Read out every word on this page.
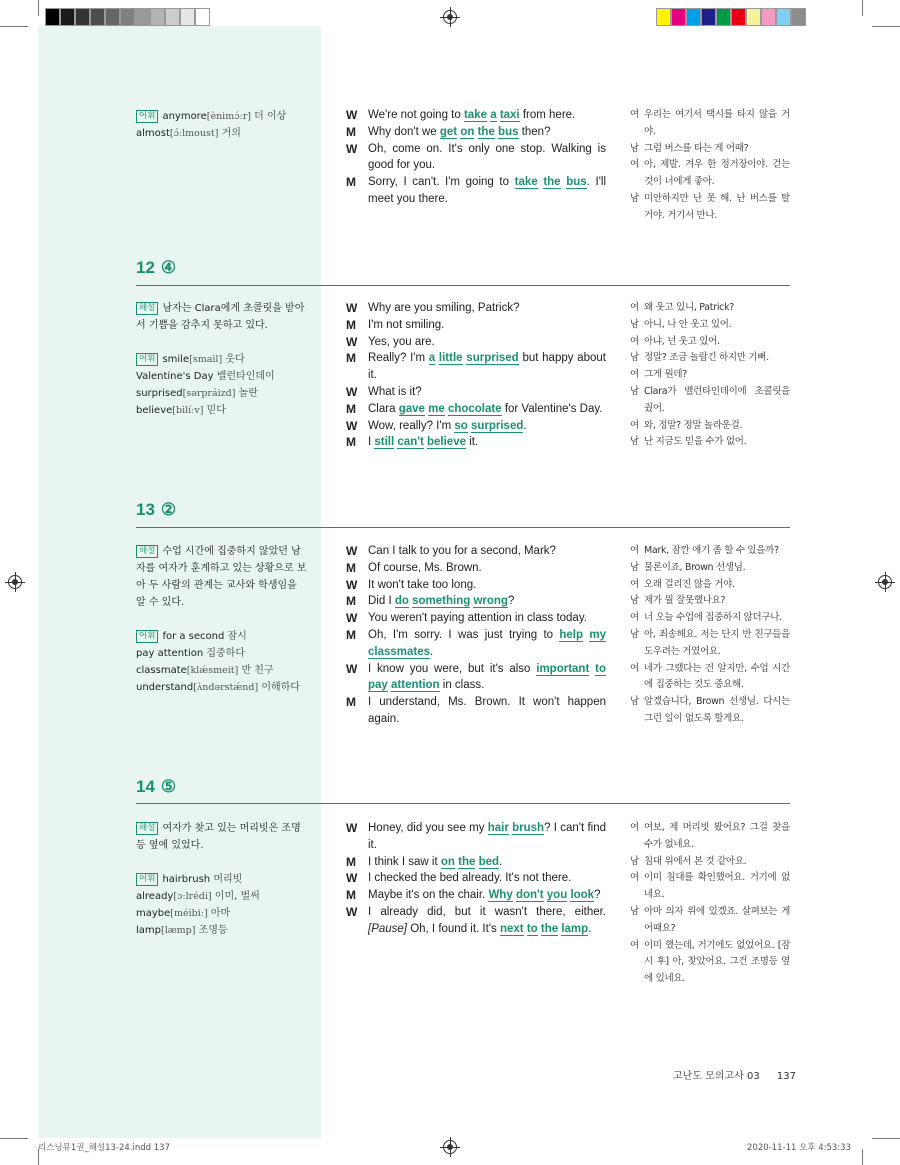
어휘 anymore[ènimɔ́ːr] 더 이상

almost[ɔ́ːlmoust] 거의

W We're not going to take a taxi from here.
M	Why don't we get on the bus then?
W Oh, come on. It's only one stop. Walking is good for you.
M	Sorry, I can't. I'm going to take the bus. I'll meet you there.
여 우리는 여기서 택시를 타지 않을 거야.
남 그럼 버스를 타는 게 어때?
여 아, 제발. 겨우 한 정거장이야. 걷는 것이 너에게 좋아.
남 미안하지만 난 못 해. 난 버스를 탈 거야. 거기서 만나.
12 ④

해설 남자는 Clara에게 초콜릿을 받아서 기쁨을 감추지 못하고 있다.

어휘 smile[smail] 웃다

Valentine's Day 밸런타인데이

surprised[sərpráizd] 놀란

believe[bilíːv] 믿다

W Why are you smiling, Patrick?
M	I'm not smiling.
W Yes, you are.
M	Really? I'm a little surprised but happy about it.
W What is it?
M	Clara gave me chocolate for Valentine's Day.
W Wow, really? I'm so surprised.
M	I still can't believe it.
여 왜 웃고 있니, Patrick?
남 아니, 나 안 웃고 있어.
여 아냐, 넌 웃고 있어.
남 정말? 조금 놀랍긴 하지만 기뻐.
여 그게 뭔데?
남 Clara가 밸런타인데이에 초콜릿을 줬어.
여 와, 정말? 정말 놀라운걸.
남 난 지금도 믿을 수가 없어.
13 ②

해설 수업 시간에 집중하지 않았던 남자를 여자가 훈계하고 있는 상황으로 보아 두 사람의 관계는 교사와 학생임을 알 수 있다.

어휘 for a second 잠시

pay attention 집중하다

classmate[klǽsmeit] 반 친구

understand[ʌ̀ndərstǽnd] 이해하다

W Can I talk to you for a second, Mark?
M	Of course, Ms. Brown.
W It won't take too long.
M	Did I do something wrong?
W You weren't paying attention in class today.
M	Oh, I'm sorry. I was just trying to help my classmates.
W I know you were, but it's also important to pay attention in class.
M	I understand, Ms. Brown. It won't happen again.
여 Mark, 잠깐 얘기 좀 할 수 있을까?
남 물론이죠, Brown 선생님.
여 오래 걸리진 않을 거야.
남 제가 뭘 잘못했나요?
여 너 오늘 수업에 집중하지 않더구나.
남 아, 죄송해요. 저는 단지 반 친구들을 도우려는 거였어요.
여 네가 그랬다는 건 알지만, 수업 시간에 집중하는 것도 중요해.
남 알겠습니다, Brown 선생님. 다시는 그런 일이 없도록 할게요.
14 ⑤

해설 여자가 찾고 있는 머리빗은 조명등 옆에 있었다.

어휘 hairbrush 머리빗

already[ɔːlrédi] 이미, 벌써

maybe[méibiː] 아마

lamp[læmp] 조명등

W Honey, did you see my hair brush? I can't find it.
M	I think I saw it on the bed.
W I checked the bed already. It's not there.
M	Maybe it's on the chair. Why don't you look?
W I already did, but it wasn't there, either. [Pause] Oh, I found it. It's next to the lamp.
여 여보, 제 머리빗 봤어요? 그걸 찾을 수가 없네요.
남 침대 위에서 본 것 같아요.
여 이미 침대를 확인했어요. 거기에 없네요.
남 아마 의자 위에 있겠죠. 살펴보는 게 어때요?
여 이미 했는데, 거기에도 없었어요. [잠시 후] 아, 찾았어요. 그건 조명등 옆에 있네요.
고난도 모의고사 03 137
리스닝뮤1권_해설13-24.indd 137	2020-11-11 오후 4:53:33
